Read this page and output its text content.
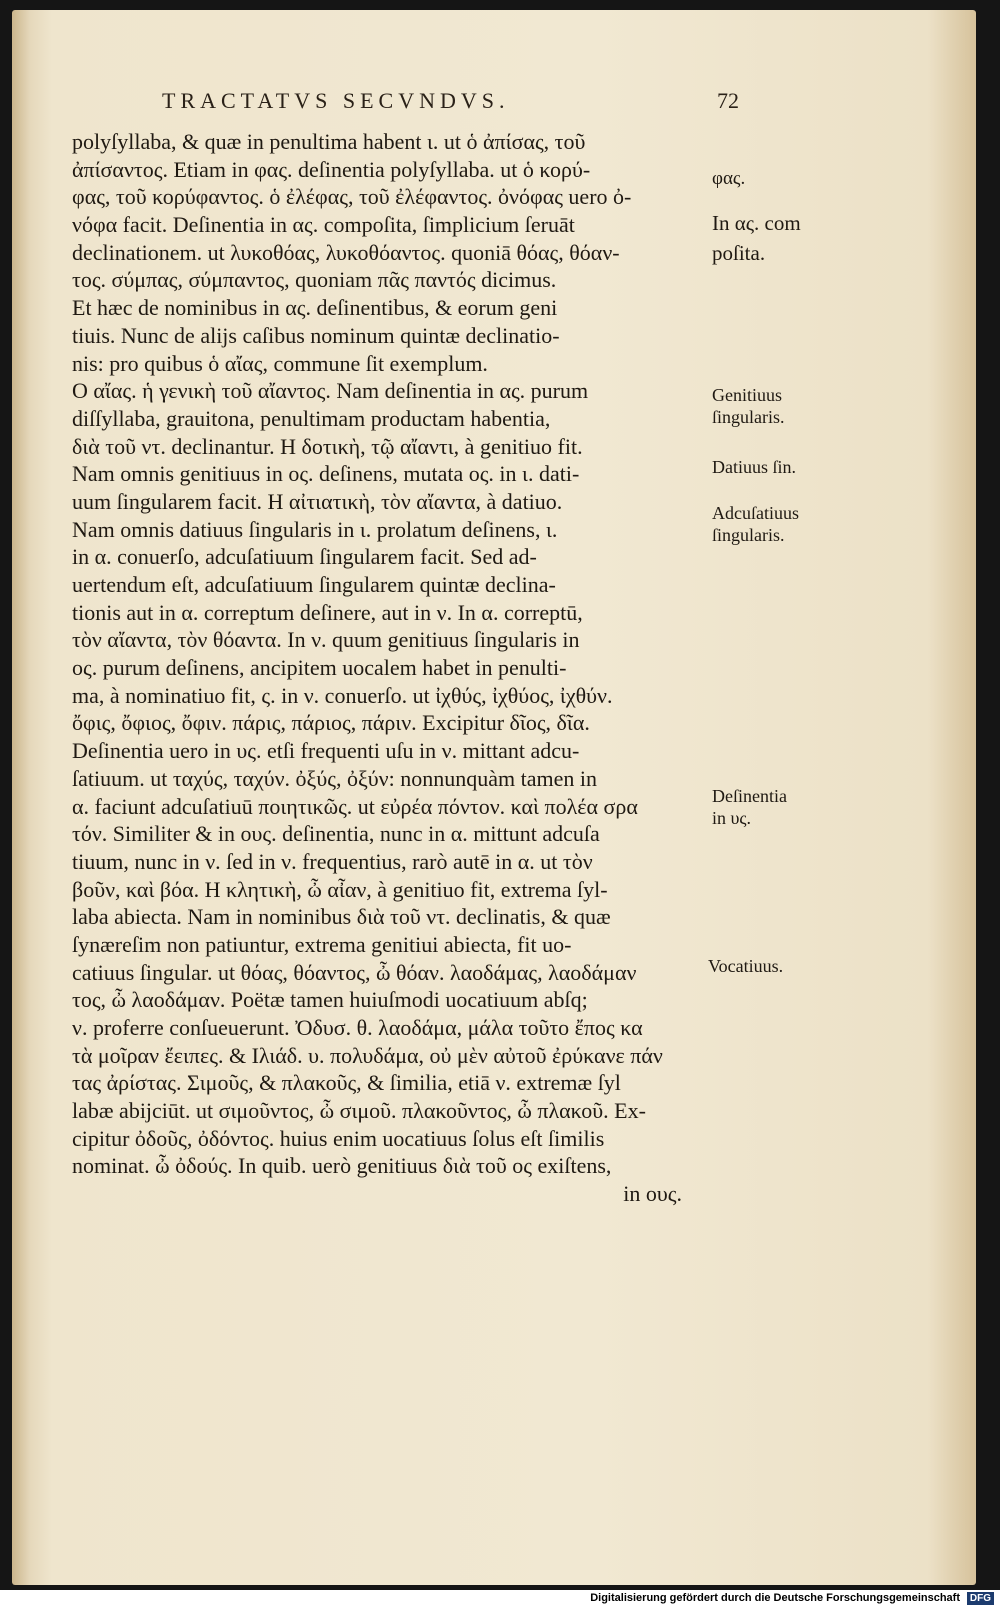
TRACTATVS SECVNDVS.	72
polyſyllaba, & quæ in penultima habent ι. ut ὁ ἀπίσας, τοῦ
ἀπίσαντος. Etiam in φας. deſinentia polyſyllaba. ut ὁ κορύ-
φας, τοῦ κορύφαντος. ὁ ἐλέφας, τοῦ ἐλέφαντος. ὀνόφας uero ὀ-
νόφα facit. Deſinentia in ας. compoſita, ſimplicium ſeruāt
declinationem. ut λυκοθόας, λυκοθόαντος. quoniā θόας, θόαν-
τος. σύμπας, σύμπαντος, quoniam πᾶς παντός dicimus.
Et hæc de nominibus in ας. deſinentibus, & eorum geni
tiuis. Nunc de alijs caſibus nominum quintæ declinatio-
nis: pro quibus ὁ αἴας, commune ſit exemplum.
O αἴας. ἡ γενικὴ τοῦ αἴαντος. Nam deſinentia in ας. purum
diſſyllaba, grauitona, penultimam productam habentia,
διὰ τοῦ ντ. declinantur. Η δοτικὴ, τῷ αἴαντι, à genitiuo fit.
Nam omnis genitiuus in ος. deſinens, mutata ος. in ι. dati-
uum ſingularem facit. Η αἰτιατικὴ, τὸν αἴαντα, à datiuo.
Nam omnis datiuus ſingularis in ι. prolatum deſinens, ι.
in α. conuerſo, adcuſatiuum ſingularem facit. Sed ad-
uertendum eſt, adcuſatiuum ſingularem quintæ declina-
tionis aut in α. correptum deſinere, aut in ν. In α. correptū,
τὸν αἴαντα, τὸν θόαντα. In ν. quum genitiuus ſingularis in
ος. purum deſinens, ancipitem uocalem habet in penulti-
ma, à nominatiuo fit, ς. in ν. conuerſo. ut ἰχθύς, ἰχθύος, ἰχθύν.
ὄφις, ὄφιος, ὄφιν. πάρις, πάριος, πάριν. Excipitur δῖος, δῖα.
Deſinentia uero in υς. etſi frequenti uſu in ν. mittant adcu-
ſatiuum. ut ταχύς, ταχύν. ὀξύς, ὀξύν: nonnunquàm tamen in
α. faciunt adcuſatiuū ποιητικῶς. ut εὐρέα πόντον. καὶ πολέα σρα
τόν. Similiter & in ους. deſinentia, nunc in α. mittunt adcuſa
tiuum, nunc in ν. ſed in ν. frequentius, rarò autē in α. ut τὸν
βοῦν, καὶ βόα. Η κλητικὴ, ὦ αἶαν, à genitiuo fit, extrema ſyl-
laba abiecta. Nam in nominibus διὰ τοῦ ντ. declinatis, & quæ
ſynæreſim non patiuntur, extrema genitiui abiecta, fit uo-
catiuus ſingular. ut θόας, θόαντος, ὦ θόαν. λαοδάμας, λαοδάμαν
τος, ὦ λαοδάμαν. Poëtæ tamen huiuſmodi uocatiuum abſq;
ν. proferre conſueuerunt. Ὀδυσ. θ. λαοδάμα, μάλα τοῦτο ἔπος κα
τὰ μοῖραν ἔειπες. & Ιλιάδ. υ. πολυδάμα, οὐ μὲν αὐτοῦ ἐρύκανε πάν
τας ἀρίστας. Σιμοῦς, & πλακοῦς, & ſimilia, etiā ν. extremæ ſyl
labæ abijciūt. ut σιμοῦντος, ὦ σιμοῦ. πλακοῦντος, ὦ πλακοῦ. Ex-
cipitur ὀδοῦς, ὀδόντος. huius enim uocatiuus ſolus eſt ſimilis
nominat. ὦ ὀδούς. In quib. uerò genitiuus διὰ τοῦ ος exiſtens,
in ους.
φας.
In ας. com
poſita.
Genitiuus
ſingularis.
Datiuus ſin.
Adcuſatiuus
ſingularis.
Deſinentia
in υς.
Vocatiuus.
Digitalisierung gefördert durch die Deutsche Forschungsgemeinschaft DFG
